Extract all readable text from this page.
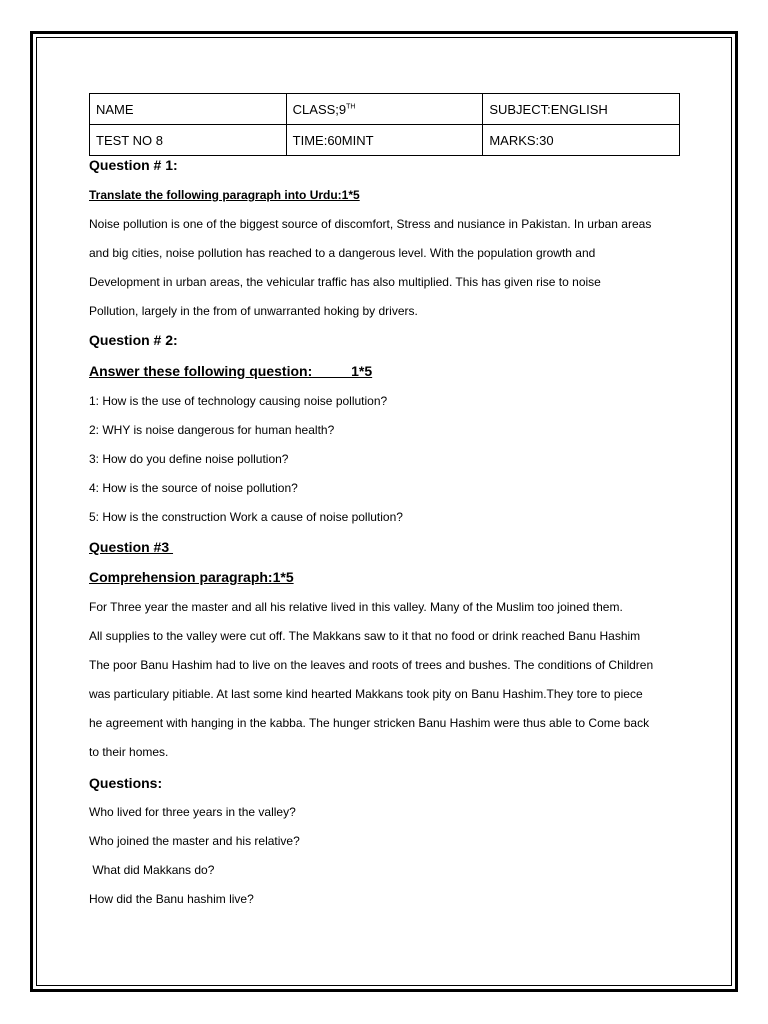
NAME	CLASS;9TH	SUBJECT:ENGLISH
TEST NO 8	TIME:60MINT	MARKS:30
Question # 1:
Translate the following paragraph into Urdu:1*5
Noise pollution is one of the biggest source of discomfort, Stress and nusiance in Pakistan. In urban areas
and big cities, noise pollution has reached to a dangerous level. With the population growth and
Development in urban areas, the vehicular traffic has also multiplied. This has given rise to noise
Pollution, largely in the from of unwarranted hoking by drivers.
Question # 2:
Answer these following question:          1*5
1: How is the use of technology causing noise pollution?
2: WHY is noise dangerous for human health?
3: How do you define noise pollution?
4: How is the source of noise pollution?
5: How is the construction Work a cause of noise pollution?
Question #3
Comprehension paragraph:1*5
For Three year the master and all his relative lived in this valley. Many of the Muslim too joined them.
All supplies to the valley were cut off. The Makkans saw to it that no food or drink reached Banu Hashim
The poor Banu Hashim had to live on the leaves and roots of trees and bushes. The conditions of Children
was particulary pitiable. At last some kind hearted Makkans took pity on Banu Hashim.They tore to piece
he agreement with hanging in the kabba. The hunger stricken Banu Hashim were thus able to Come back
to their homes.
Questions:
Who lived for three years in the valley?
Who joined the master and his relative?
What did Makkans do?
How did the Banu hashim live?
